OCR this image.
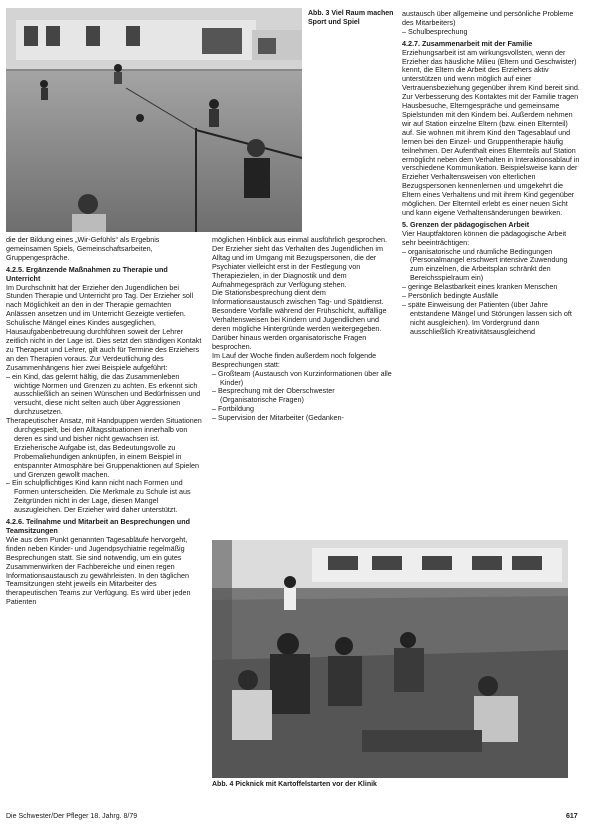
Abb. 3 Viel Raum machen Sport und Spiel

die der Bildung eines „Wir-Gefühls“ als Ergebnis gemeinsamen Spiels, Gemeinschaftsarbeiten, Gruppengespräche.

4.2.5. Ergänzende Maßnahmen zu Therapie und Unterricht

Im Durchschnitt hat der Erzieher den Jugendlichen bei Stunden Therapie und Unterricht pro Tag. Der Erzieher soll nach Möglichkeit an den in der Therapie gemachten Anlässen ansetzen und im Unterricht Gezeigte vertiefen. Schulische Mängel eines Kindes ausgeglichen, Hausaufgabenbetreuung durchführen soweit der Lehrer zeitlich nicht in der Lage ist. Dies setzt den ständigen Kontakt zu Therapeut und Lehrer, gilt auch für Termine des Erziehers an den Therapien voraus. Zur Verdeutlichung des Zusammenhängens hier zwei Beispiele aufgeführt:

– ein Kind, das gelernt hältig, die das Zusammenleben wichtige Normen und Grenzen zu achten. Es erkennt sich ausschließlich an seinen Wünschen und Bedürfnissen und versucht, diese nicht selten auch über Aggressionen durchzusetzen.

Therapeutischer Ansatz, mit Handpuppen werden Situationen durchgespielt, bei den Alltagssituationen innerhalb von deren es sind und bisher nicht gewachsen ist. Erzieherische Aufgabe ist, das Bedeutungsvolle zu Probemaliehundigen anknüpfen, in einem Beispiel in entspannter Atmosphäre bei Gruppenaktionen auf Spielen und Grenzen gewollt machen.

– Ein schulpflichtiges Kind kann nicht nach Formen und Formen unterscheiden. Die Merkmale zu Schule ist aus Zeitgründen nicht in der Lage, diesen Mangel auszugleichen. Der Erzieher wird daher unterstützt.

4.2.6. Teilnahme und Mitarbeit an Besprechungen und Teamsitzungen

Wie aus dem Punkt genannten Tagesabläufe hervorgeht, finden neben Kinder- und Jugendpsychiatrie regelmäßig Besprechungen statt. Sie sind notwendig, um ein gutes Zusammenwirken der Fachbereiche und einen regen Informationsaustausch zu gewährleisten. In den täglichen Teamsitzungen steht jeweils ein Mitarbeiter des therapeutischen Teams zur Verfügung. Es wird über jeden Patienten

möglichen Hinblick aus einmal ausführlich gesprochen. Der Erzieher sieht das Verhalten des Jugendlichen im Alltag und im Umgang mit Bezugspersonen, die der Psychiater vielleicht erst in der Festlegung von Therapiezielen, in der Diagnostik und dem Aufnahmegespräch zur Verfügung stehen.

Die Stationsbesprechung dient dem Informationsaustausch zwischen Tag- und Spätdienst. Besondere Vorfälle während der Frühschicht, auffällige Verhaltensweisen bei Kindern und Jugendlichen und deren mögliche Hintergründe werden weitergegeben. Darüber hinaus werden organisatorische Fragen besprochen.

Im Lauf der Woche finden außerdem noch folgende Besprechungen statt:

– Großteam (Austausch von Kurzinformationen über alle Kinder)

– Besprechung mit der Oberschwester (Organisatorische Fragen)

– Fortbildung

– Supervision der Mitarbeiter (Gedanken-

austausch über allgemeine und persönliche Probleme des Mitarbeiters)

– Schulbesprechung

4.2.7. Zusammenarbeit mit der Familie

Erziehungsarbeit ist am wirkungsvollsten, wenn der Erzieher das häusliche Milieu (Eltern und Geschwister) kennt, die Eltern die Arbeit des Erziehers aktiv unterstützen und wenn möglich auf einer Vertrauensbeziehung gegenüber ihrem Kind bereit sind. Zur Verbesserung des Kontaktes mit der Familie tragen Hausbesuche, Elterngespräche und gemeinsame Spielstunden mit den Kindern bei. Außerdem nehmen wir auf Station einzelne Eltern (bzw. einen Elternteil) auf. Sie wohnen mit ihrem Kind den Tagesablauf und lernen bei den Einzel- und Gruppentherapie häufig teilnehmen. Der Aufenthalt eines Elternteils auf Station ermöglicht neben dem Verhalten in Interaktionsablauf in verschiedene Kommunikation. Beispielsweise kann der Erzieher Verhaltensweisen von elterlichen Bezugspersonen kennenlernen und umgekehrt die Eltern eines Verhaltens und mit ihrem Kind gegenüber möglichen. Der Elternteil erlebt es einer neuen Sicht und kann eigene Verhaltensänderungen bewirken.

5. Grenzen der pädagogischen Arbeit

Vier Hauptfaktoren können die pädagogische Arbeit sehr beeinträchtigen:

– organisatorische und räumliche Bedingungen (Personalmangel erschwert intensive Zuwendung zum einzelnen, die Arbeitsplan schränkt den Bereichsspielraum ein)

– geringe Belastbarkeit eines kranken Menschen

– Persönlich bedingte Ausfälle

– späte Einweisung der Patienten (über Jahre entstandene Mängel und Störungen lassen sich oft nicht ausgleichen). Im Vordergrund dann ausschließlich Kreativitätsausgleichend

Abb. 4 Picknick mit Kartoffelstarten vor der Klinik
Die Schwester/Der Pfleger 18. Jahrg. 8/79	617
